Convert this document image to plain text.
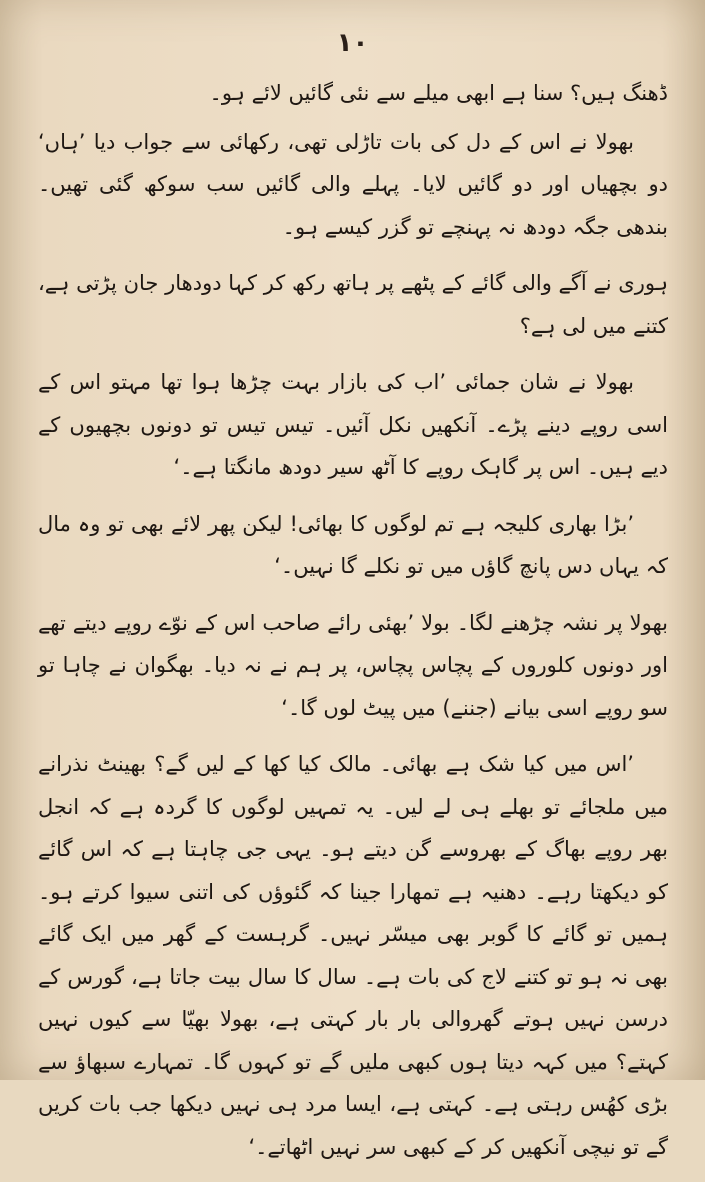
۱۰

ڈھنگ ہیں؟ سنا ہے ابھی میلے سے نئی گائیں لائے ہو۔

بھولا نے اس کے دل کی بات تاڑلی تھی، رکھائی سے جواب دیا ’ہاں‘ دو بچھیاں اور دو گائیں لایا۔ پہلے والی گائیں سب سوکھ گئی تھیں۔ بندھی جگہ دودھ نہ پہنچے تو گزر کیسے ہو۔

ہوری نے آگے والی گائے کے پٹھے پر ہاتھ رکھ کر کہا دودھار جان پڑتی ہے، کتنے میں لی ہے؟

بھولا نے شان جمائی ’اب کی بازار بہت چڑھا ہوا تھا مہتو اس کے اسی روپے دینے پڑے۔ آنکھیں نکل آئیں۔ تیس تیس تو دونوں بچھیوں کے دیے ہیں۔ اس پر گاہک روپے کا آٹھ سیر دودھ مانگتا ہے۔‘

’بڑا بھاری کلیجہ ہے تم لوگوں کا بھائی! لیکن پھر لائے بھی تو وہ مال کہ یہاں دس پانچ گاؤں میں تو نکلے گا نہیں۔‘

بھولا پر نشہ چڑھنے لگا۔ بولا ’بھئی رائے صاحب اس کے نوّے روپے دیتے تھے اور دونوں کلوروں کے پچاس پچاس، پر ہم نے نہ دیا۔ بھگوان نے چاہا تو سو روپے اسی بیانے (جننے) میں پیٹ لوں گا۔‘

’اس میں کیا شک ہے بھائی۔ مالک کیا کھا کے لیں گے؟ بھینٹ نذرانے میں ملجائے تو بھلے ہی لے لیں۔ یہ تمہیں لوگوں کا گردہ ہے کہ انجل بھر روپے بھاگ کے بھروسے گن دیتے ہو۔ یہی جی چاہتا ہے کہ اس گائے کو دیکھتا رہے۔ دھنیہ ہے تمھارا جینا کہ گئوؤں کی اتنی سیوا کرتے ہو۔ ہمیں تو گائے کا گوبر بھی میسّر نہیں۔ گرہست کے گھر میں ایک گائے بھی نہ ہو تو کتنے لاج کی بات ہے۔ سال کا سال بیت جاتا ہے، گورس کے درسن نہیں ہوتے گھروالی بار بار کہتی ہے، بھولا بھیّا سے کیوں نہیں کہتے؟ میں کہہ دیتا ہوں کبھی ملیں گے تو کہوں گا۔ تمہارے سبھاؤ سے بڑی کھُس رہتی ہے۔ کہتی ہے، ایسا مرد ہی نہیں دیکھا جب بات کریں گے تو نیچی آنکھیں کر کے کبھی سر نہیں اٹھاتے۔‘
